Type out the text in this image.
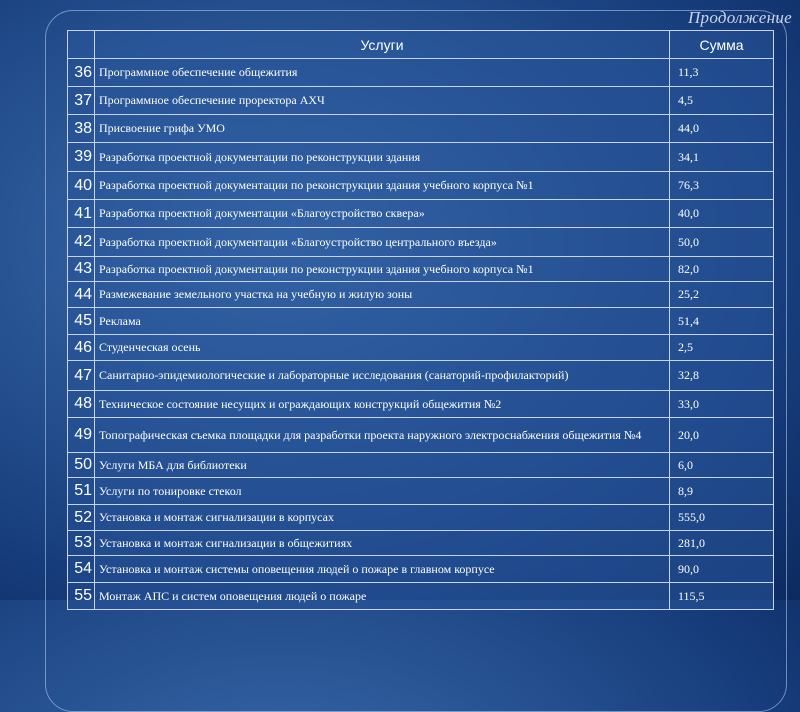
Продолжение
	Услуги	Сумма
36	Программное обеспечение общежития	11,3
37	Программное обеспечение проректора АХЧ	4,5
38	Присвоение грифа УМО	44,0
39	Разработка проектной документации по реконструкции здания	34,1
40	Разработка проектной документации по реконструкции здания учебного корпуса №1	76,3
41	Разработка проектной документации «Благоустройство сквера»	40,0
42	Разработка проектной документации «Благоустройство центрального въезда»	50,0
43	Разработка проектной документации по реконструкции здания учебного корпуса №1	82,0
44	Размежевание земельного участка на учебную и жилую зоны	25,2
45	Реклама	51,4
46	Студенческая осень	2,5
47	Санитарно-эпидемиологические и лабораторные исследования (санаторий-профилакторий)	32,8
48	Техническое состояние несущих и ограждающих конструкций общежития №2	33,0
49	Топографическая съемка площадки для разработки проекта наружного электроснабжения общежития №4	20,0
50	Услуги МБА для библиотеки	6,0
51	Услуги по тонировке стекол	8,9
52	Установка и монтаж сигнализации в корпусах	555,0
53	Установка и монтаж сигнализации в общежитиях	281,0
54	Установка и монтаж системы оповещения людей о пожаре в главном корпусе	90,0
55	Монтаж АПС и систем оповещения людей о пожаре	115,5
